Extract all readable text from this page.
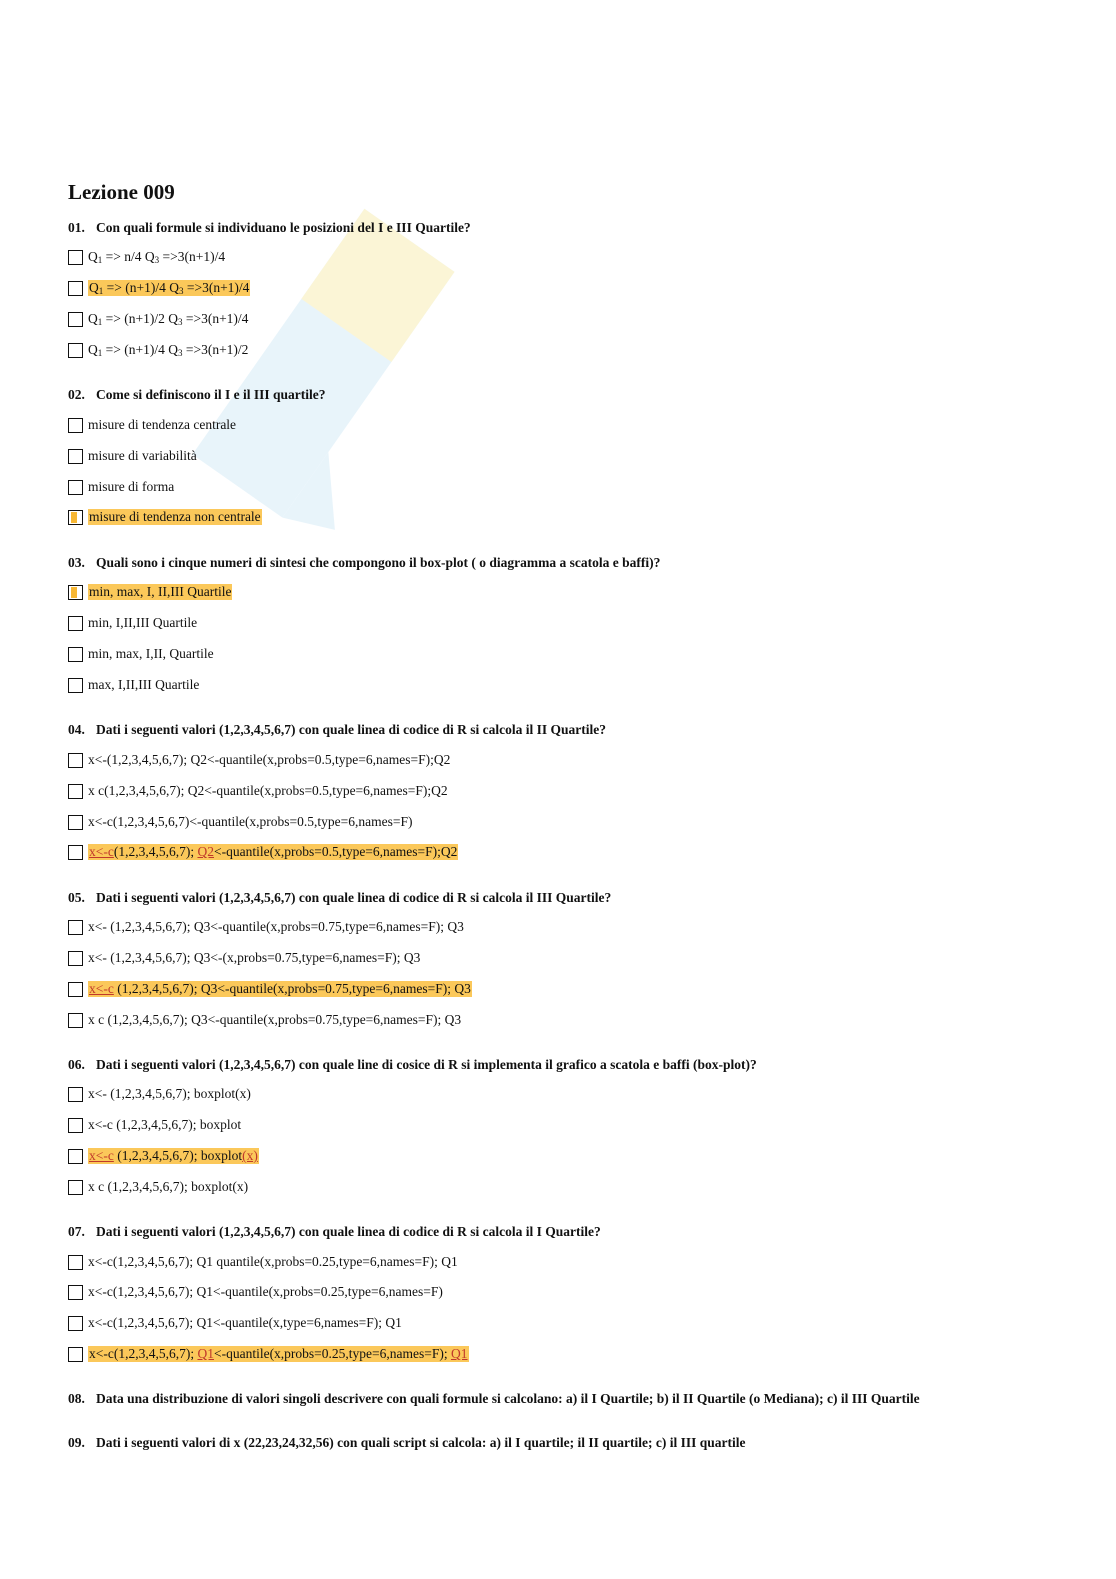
Lezione 009
01. Con quali formule si individuano le posizioni del I e III Quartile?
$Q_1 => n/4$ $Q_3 =>3(n+1)/4$
$Q_1 => (n+1)/4$ $Q_3 =>3(n+1)/4$
$Q_1 => (n+1)/2$ $Q_3 =>3(n+1)/4$
$Q_1 => (n+1)/4$ $Q_3 =>3(n+1)/2$
02. Come si definiscono il I e il III quartile?
misure di tendenza centrale
misure di variabilità
misure di forma
misure di tendenza non centrale
03. Quali sono i cinque numeri di sintesi che compongono il box-plot ( o diagramma a scatola e baffi)?
min, max, I, II,III Quartile
min, I,II,III Quartile
min, max, I,II, Quartile
max, I,II,III Quartile
04. Dati i seguenti valori (1,2,3,4,5,6,7) con quale linea di codice di R si calcola il II Quartile?
x<-(1,2,3,4,5,6,7); Q2<-quantile(x,probs=0.5,type=6,names=F);Q2
x c(1,2,3,4,5,6,7); Q2<-quantile(x,probs=0.5,type=6,names=F);Q2
x<-c(1,2,3,4,5,6,7)<-quantile(x,probs=0.5,type=6,names=F)
x<-c(1,2,3,4,5,6,7); Q2<-quantile(x,probs=0.5,type=6,names=F);Q2
05. Dati i seguenti valori (1,2,3,4,5,6,7) con quale linea di codice di R si calcola il III Quartile?
x<- (1,2,3,4,5,6,7); Q3<-quantile(x,probs=0.75,type=6,names=F); Q3
x<- (1,2,3,4,5,6,7); Q3<-(x,probs=0.75,type=6,names=F); Q3
x<-c (1,2,3,4,5,6,7); Q3<-quantile(x,probs=0.75,type=6,names=F); Q3
x c (1,2,3,4,5,6,7); Q3<-quantile(x,probs=0.75,type=6,names=F); Q3
06. Dati i seguenti valori (1,2,3,4,5,6,7) con quale line di cosice di R si implementa il grafico a scatola e baffi (box-plot)?
x<- (1,2,3,4,5,6,7); boxplot(x)
x<-c (1,2,3,4,5,6,7); boxplot
x<-c (1,2,3,4,5,6,7); boxplot(x)
x c (1,2,3,4,5,6,7); boxplot(x)
07. Dati i seguenti valori (1,2,3,4,5,6,7) con quale linea di codice di R si calcola il I Quartile?
x<-c(1,2,3,4,5,6,7); Q1 quantile(x,probs=0.25,type=6,names=F); Q1
x<-c(1,2,3,4,5,6,7); Q1<-quantile(x,probs=0.25,type=6,names=F)
x<-c(1,2,3,4,5,6,7); Q1<-quantile(x,type=6,names=F); Q1
x<-c(1,2,3,4,5,6,7); Q1<-quantile(x,probs=0.25,type=6,names=F); Q1
08. Data una distribuzione di valori singoli descrivere con quali formule si calcolano: a) il I Quartile; b) il II Quartile (o Mediana); c) il III Quartile
09. Dati i seguenti valori di x (22,23,24,32,56) con quali script si calcola: a) il I quartile; il II quartile; c) il III quartile
